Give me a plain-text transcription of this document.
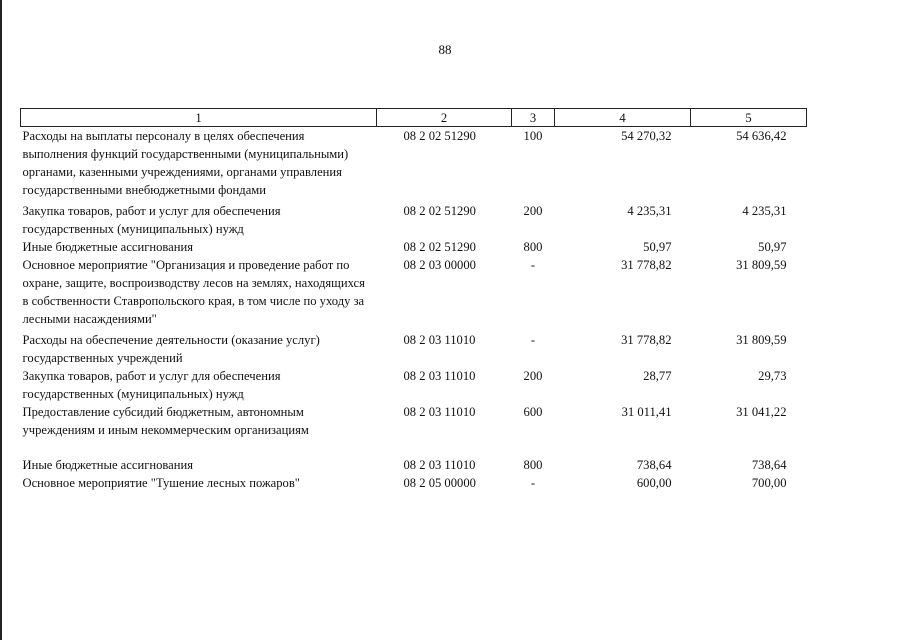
88
1	2	3	4	5
Расходы на выплаты персоналу в целях обеспечения выполнения функций государственными (муниципальными) органами, казенными учреждениями, органами управления государственными внебюджетными фондами	08 2 02 51290	100	54 270,32	54 636,42
Закупка товаров, работ и услуг для обеспечения государственных (муниципальных) нужд	08 2 02 51290	200	4 235,31	4 235,31
Иные бюджетные ассигнования	08 2 02 51290	800	50,97	50,97
Основное мероприятие "Организация и проведение работ по охране, защите, воспроизводству лесов на землях, находящихся в собственности Ставропольского края, в том числе по уходу за лесными насаждениями"	08 2 03 00000	-	31 778,82	31 809,59
Расходы на обеспечение деятельности (оказание услуг) государственных учреждений	08 2 03 11010	-	31 778,82	31 809,59
Закупка товаров, работ и услуг для обеспечения государственных (муниципальных) нужд	08 2 03 11010	200	28,77	29,73
Предоставление субсидий бюджетным, автономным учреждениям и иным некоммерческим организациям	08 2 03 11010	600	31 011,41	31 041,22
Иные бюджетные ассигнования	08 2 03 11010	800	738,64	738,64
Основное мероприятие "Тушение лесных пожаров"	08 2 05 00000	-	600,00	700,00
